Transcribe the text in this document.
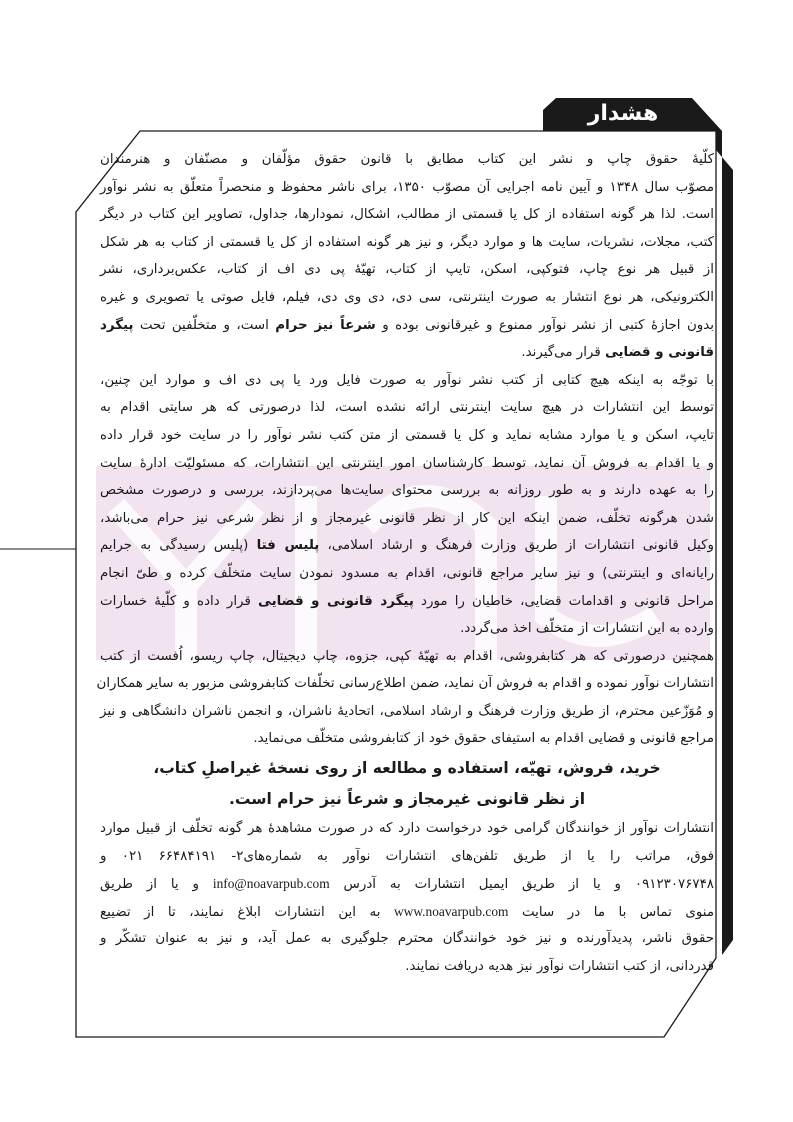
هشدار
کلّیهٔ حقوق چاپ و نشر این کتاب مطابق با قانون حقوق مؤلّفان و مصنّفان و هنرمندان
مصوّب سال ۱۳۴۸ و آیین نامه اجرایی آن مصوّب ۱۳۵۰، برای ناشر محفوظ و منحصراً متعلّق به نشر نوآور
است. لذا هر گونه استفاده از کل یا قسمتی از مطالب، اشکال، نمودارها، جداول، تصاویر این کتاب در دیگر
کتب، مجلات، نشریات، سایت ها و موارد دیگر، و نیز هر گونه استفاده از کل یا قسمتی از کتاب به هر شکل
از قبیل هر نوع چاپ، فتوکپی، اسکن، تایپ از کتاب، تهیّهٔ پی دی اف از کتاب، عکس‌برداری، نشر
الکترونیکی، هر نوع انتشار به صورت اینترنتی، سی دی، دی وی دی، فیلم، فایل صوتی یا تصویری و غیره
بدون اجازهٔ کتبی از نشر نوآور ممنوع و غیرقانونی بوده و شرعاً نیز حرام است، و متخلّفین تحت پیگرد
قانونی و قضایی قرار می‌گیرند.
با توجّه به اینکه هیچ کتابی از کتب نشر نوآور به صورت فایل ورد یا پی دی اف و موارد این چنین،
توسط این انتشارات در هیچ سایت اینترنتی ارائه نشده است، لذا درصورتی که هر سایتی اقدام به
تایپ، اسکن و یا موارد مشابه نماید و کل یا قسمتی از متن کتب نشر نوآور را در سایت خود قرار داده
و یا اقدام به فروش آن نماید، توسط کارشناسان امور اینترنتی این انتشارات، که مسئولیّت ادارهٔ سایت
را به عهده دارند و به طور روزانه به بررسی محتوای سایت‌ها می‌پردازند، بررسی و درصورت مشخص
شدن هرگونه تخلّف، ضمن اینکه این کار از نظر قانونی غیرمجاز و از نظر شرعی نیز حرام می‌باشد،
وکیل قانونی انتشارات از طریق وزارت فرهنگ و ارشاد اسلامی، پلیس فتا (پلیس رسیدگی به جرایم
رایانه‌ای و اینترنتی) و نیز سایر مراجع قانونی، اقدام به مسدود نمودن سایت متخلّف کرده و طیّ انجام
مراحل قانونی و اقدامات قضایی، خاطیان را مورد پیگرد قانونی و قضایی قرار داده و کلّیهٔ خسارات
وارده به این انتشارات از متخلّف اخذ می‌گردد.
همچنین درصورتی که هر کتابفروشی، اقدام به تهیّهٔ کپی، جزوه، چاپ دیجیتال، چاپ ریسو، اُفست از کتب
انتشارات نوآور نموده و اقدام به فروش آن نماید، ضمن اطلاع‌رسانی تخلّفات کتابفروشی مزبور به سایر همکاران
و مُوَزّعین محترم، از طریق وزارت فرهنگ و ارشاد اسلامی، اتحادیهٔ ناشران، و انجمن ناشران دانشگاهی و نیز
مراجع قانونی و قضایی اقدام به استیفای حقوق خود از کتابفروشی متخلّف می‌نماید.
خرید، فروش، تهیّه، استفاده و مطالعه از روی نسخهٔ غیراصلِ کتاب،
از نظر قانونی غیرمجاز و شرعاً نیز حرام است.
انتشارات نوآور از خوانندگان گرامی خود درخواست دارد که در صورت مشاهدهٔ هر گونه تخلّف از قبیل موارد
فوق، مراتب را یا از طریق تلفن‌های انتشارات نوآور به شماره‌های۲- ۶۶۴۸۴۱۹۱ ۰۲۱ و
۰۹۱۲۳۰۷۶۷۴۸ و یا از طریق ایمیل انتشارات به آدرس info@noavarpub.com و یا از طریق
منوی تماس با ما در سایت www.noavarpub.com به این انتشارات ابلاغ نمایند، تا از تضییع
حقوق ناشر، پدیدآورنده و نیز خود خوانندگان محترم جلوگیری به عمل آید، و نیز به عنوان تشکّر و
قدردانی، از کتب انتشارات نوآور نیز هدیه دریافت نمایند.
